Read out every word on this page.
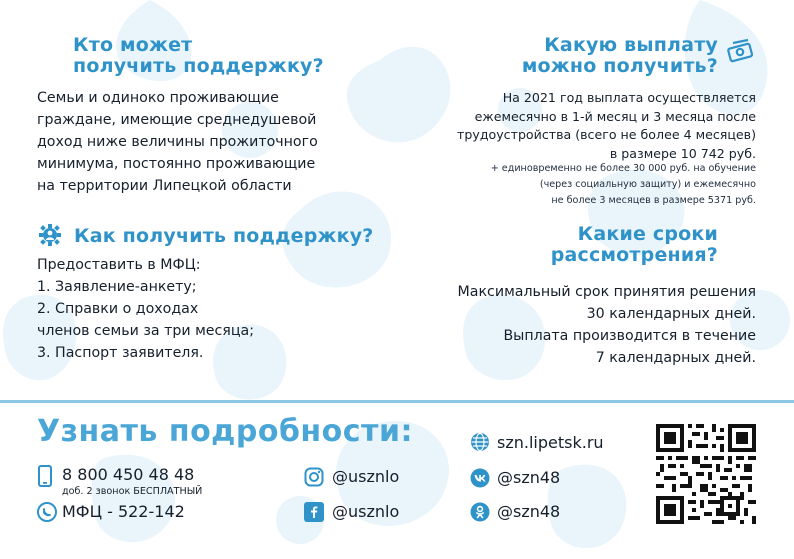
Кто может
получить поддержку?
Семьи и одиноко проживающие
граждане, имеющие среднедушевой
доход ниже величины прожиточного
минимума, постоянно проживающие
на территории Липецкой области
Какую выплату
можно получить?
На 2021 год выплата осуществляется
ежемесячно в 1-й месяц и 3 месяца после
трудоустройства (всего не более 4 месяцев)
в размере 10 742 руб.
+ единовременно не более 30 000 руб. на обучение
(через социальную защиту) и ежемесячно
не более 3 месяцев в размере 5371 руб.
Как получить поддержку?
Предоставить в МФЦ:
1. Заявление-анкету;
2. Справки о доходах
членов семьи за три месяца;
3. Паспорт заявителя.
Какие сроки
рассмотрения?
Максимальный срок принятия решения
30 календарных дней.
Выплата производится в течение
7 календарных дней.
Узнать подробности:
8 800 450 48 48
доб. 2 звонок БЕСПЛАТНЫЙ
МФЦ - 522-142
@usznlo
@usznlo
szn.lipetsk.ru
@szn48
@szn48
